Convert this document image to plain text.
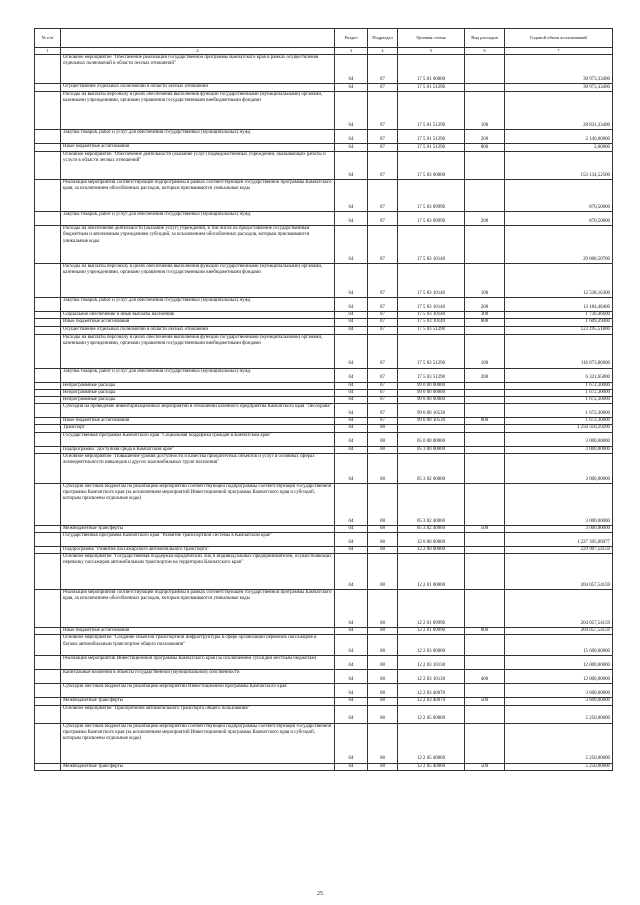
№ п/п		Раздел	Подраздел	Целевая статья	Вид расходов	Годовой объем ассигнований
1	2	3	4	5	6	7
	Основное мероприятие "Обеспечение реализации государственной программы Камчатского края в рамках осуществления отдельных полномочий в области лесных отношений"	04	07	17 5 01 00000		30 973,33400
	Осуществление отдельных полномочий в области лесных отношений	04	07	17 5 01 51290		30 973,33400
	Расходы на выплаты персоналу в целях обеспечения выполнения функций государственными (муниципальными) органами, казенными учреждениями, органами управления государственными внебюджетными фондами	04	07	17 5 01 51290	100	28 831,33400
	Закупка товаров, работ и услуг для обеспечения государственных (муниципальных) нужд	04	07	17 5 01 51290	200	2 140,00000
	Иные бюджетные ассигнования	04	07	17 5 01 51290	800	2,00000
	Основное мероприятие "Обеспечение деятельности (оказание услуг) подведомственных учреждений, оказывающих работы и услуги в области лесных отношений"	04	07	17 5 03 00000		153 134,52500
	Реализация мероприятий соответствующей подпрограммы в рамках соответствующей государственной программы Камчатского края, за исключением обособленных расходов, которым присваиваются уникальные коды	04	07	17 5 03 09990		870,50000
	Закупка товаров, работ и услуг для обеспечения государственных (муниципальных) нужд	04	07	17 5 03 09990	200	870,50000
	Расходы на обеспечение деятельности (оказание услуг) учреждений, в том числе на предоставление государственным бюджетным и автономным учреждениям субсидий, за исключением обособленных расходов, которым присваиваются уникальные коды	04	07	17 5 03 10140		29 068,50700
	Расходы на выплаты персоналу в целях обеспечения выполнения функций государственными (муниципальными) органами, казенными учреждениями, органами управления государственными внебюджетными фондами	04	07	17 5 03 10140	100	12 538,16300
	Закупка товаров, работ и услуг для обеспечения государственных (муниципальных) нужд	04	07	17 5 03 10140	200	13 184,48400
	Социальное обеспечение и иные выплаты населению	04	07	17 5 03 10140	300	1 736,46600
	Иные бюджетные ассигнования	04	07	17 5 03 10140	800	1 609,39400
	Осуществление отдельных полномочий в области лесных отношений	04	07	17 5 03 51290		123 195,51800
	Расходы на выплаты персоналу в целях обеспечения выполнения функций государственными (муниципальными) органами, казенными учреждениями, органами управления государственными внебюджетными фондами	04	07	17 5 03 51290	100	116 873,86000
	Закупка товаров, работ и услуг для обеспечения государственных (муниципальных) нужд	04	07	17 5 03 51290	200	6 321,65800
	Непрограммные расходы	04	07	99 0 00 00000		1 672,30000
	Непрограммные расходы	04	07	99 0 00 00000		1 672,30000
	Непрограммные расходы	04	07	99 0 00 00000		1 672,30000
	Субсидия на проведение инвентаризационных мероприятий в отношении казенного предприятия Камчатского края "Лесохрана"	04	07	99 0 00 10530		1 672,30000
	Иные бюджетные ассигнования	04	07	99 0 00 10530	800	1 672,30000
	Транспорт	04	08			1 250 350,29200
	Государственная программа Камчатского края "Социальная поддержка граждан в Камчатском крае"	04	08	05 0 00 00000		3 000,00000
	Подпрограмма "Доступная среда в Камчатском крае"	04	08	05 3 00 00000		3 000,00000
	Основное мероприятие "Повышение уровня доступности и качества приоритетных объектов и услуг в основных сферах жизнедеятельности инвалидов и других маломобильных групп населения"	04	08	05 3 02 00000		3 000,00000
	Субсидии местным бюджетам на реализацию мероприятий соответствующей подпрограммы соответствующей государственной программы Камчатского края (за исключением мероприятий Инвестиционной программы Камчатского края и субсидий, которым присвоены отдельные коды)	04	08	05 3 02 40060		3 000,00000
	Межбюджетные трансферты	04	08	05 3 02 40060	500	3 000,00000
	Государственная программа Камчатского края "Развитие транспортной системы в Камчатском крае"	04	08	12 0 00 00000		1 227 395,06977
	Подпрограмма "Развитие пассажирского автомобильного транспорта"	04	08	12 2 00 00000		229 907,54159
	Основное мероприятие "Государственная поддержка юридических лиц и индивидуальных предпринимателей, осуществляющих перевозку пассажиров автомобильным транспортом на территории Камчатского края"	04	08	12 2 01 00000		204 057,54159
	Реализация мероприятий соответствующей подпрограммы в рамках соответствующей государственной программы Камчатского края, за исключением обособленных расходов, которым присваиваются уникальные коды	04	08	12 2 01 09990		204 057,54159
	Иные бюджетные ассигнования	04	08	12 2 01 09990	800	204 057,54159
	Основное мероприятие "Создание объектов транспортной инфраструктуры в сфере организации перевозок пассажиров и багажа автомобильным транспортом общего пользования"	04	08	12 2 03 00000		15 600,00000
	Реализация мероприятий Инвестиционной программы Камчатского края (за исключением субсидий местным бюджетам)	04	08	12 2 03 10130		12 000,00000
	Капитальные вложения в объекты государственной (муниципальной) собственности	04	08	12 2 03 10130	400	12 000,00000
	Субсидии местным бюджетам на реализацию мероприятий Инвестиционной программы Камчатского края	04	08	12 2 03 40070		3 600,00000
	Межбюджетные трансферты	04	08	12 2 03 40070	500	3 600,00000
	Основное мероприятие "Приобретение автомобильного транспорта общего пользования"	04	08	12 2 05 00000		5 250,00000
	Субсидии местным бюджетам на реализацию мероприятий соответствующей подпрограммы соответствующей государственной программы Камчатского края (за исключением мероприятий Инвестиционной программы Камчатского края и субсидий, которым присвоены отдельные коды)	04	08	12 2 05 40060		5 250,00000
	Межбюджетные трансферты	04	08	12 2 05 40060	500	5 250,00000
25
